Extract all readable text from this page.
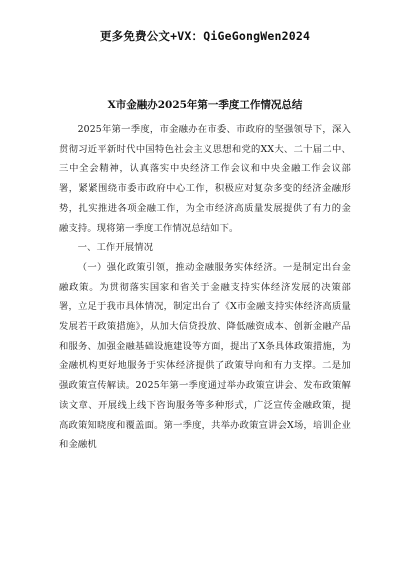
更多免费公文+VX：QiGeGongWen2024
X市金融办2025年第一季度工作情况总结

2025年第一季度，市金融办在市委、市政府的坚强领导下，深入贯彻习近平新时代中国特色社会主义思想和党的XX大、二十届二中、三中全会精神，认真落实中央经济工作会议和中央金融工作会议部署，紧紧围绕市委市政府中心工作，积极应对复杂多变的经济金融形势，扎实推进各项金融工作，为全市经济高质量发展提供了有力的金融支持。现将第一季度工作情况总结如下。

一、工作开展情况

（一）强化政策引领，推动金融服务实体经济。一是制定出台金融政策。为贯彻落实国家和省关于金融支持实体经济发展的决策部署，立足于我市具体情况，制定出台了《X市金融支持实体经济高质量发展若干政策措施》，从加大信贷投放、降低融资成本、创新金融产品和服务、加强金融基础设施建设等方面，提出了X条具体政策措施，为金融机构更好地服务于实体经济提供了政策导向和有力支撑。二是加强政策宣传解读。2025年第一季度通过举办政策宣讲会、发布政策解读文章、开展线上线下咨询服务等多种形式，广泛宣传金融政策，提高政策知晓度和覆盖面。第一季度，共举办政策宣讲会X场，培训企业和金融机
